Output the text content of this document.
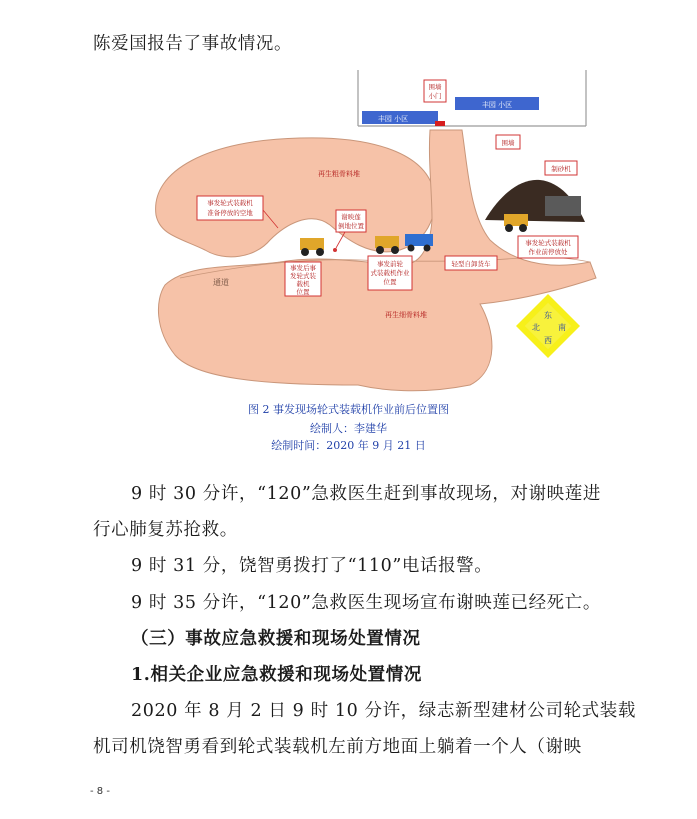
陈爱国报告了事故情况。
丰园 小区
丰园 小区
围墙
小门
围墙
再生粗骨料堆
再生细骨料堆
通道
制砂机
事发轮式装载机
准备停放的空地	谢映莲
倒地位置
事发后事
发轮式装
载机
位置
事发前轮
式装载机作业
位置
轻型自卸货车
事发轮式装载机
作业前停放处
东
南
北
西
图 2 事发现场轮式装载机作业前后位置图
绘制人：李建华
绘制时间：2020 年 9 月 21 日
9 时 30 分许，“120”急救医生赶到事故现场，对谢映莲进
行心肺复苏抢救。
9 时 31 分，饶智勇拨打了“110”电话报警。
9 时 35 分许，“120”急救医生现场宣布谢映莲已经死亡。
（三）事故应急救援和现场处置情况
1.相关企业应急救援和现场处置情况
2020 年 8 月 2 日 9 时 10 分许，绿志新型建材公司轮式装载
机司机饶智勇看到轮式装载机左前方地面上躺着一个人（谢映
- 8 -
